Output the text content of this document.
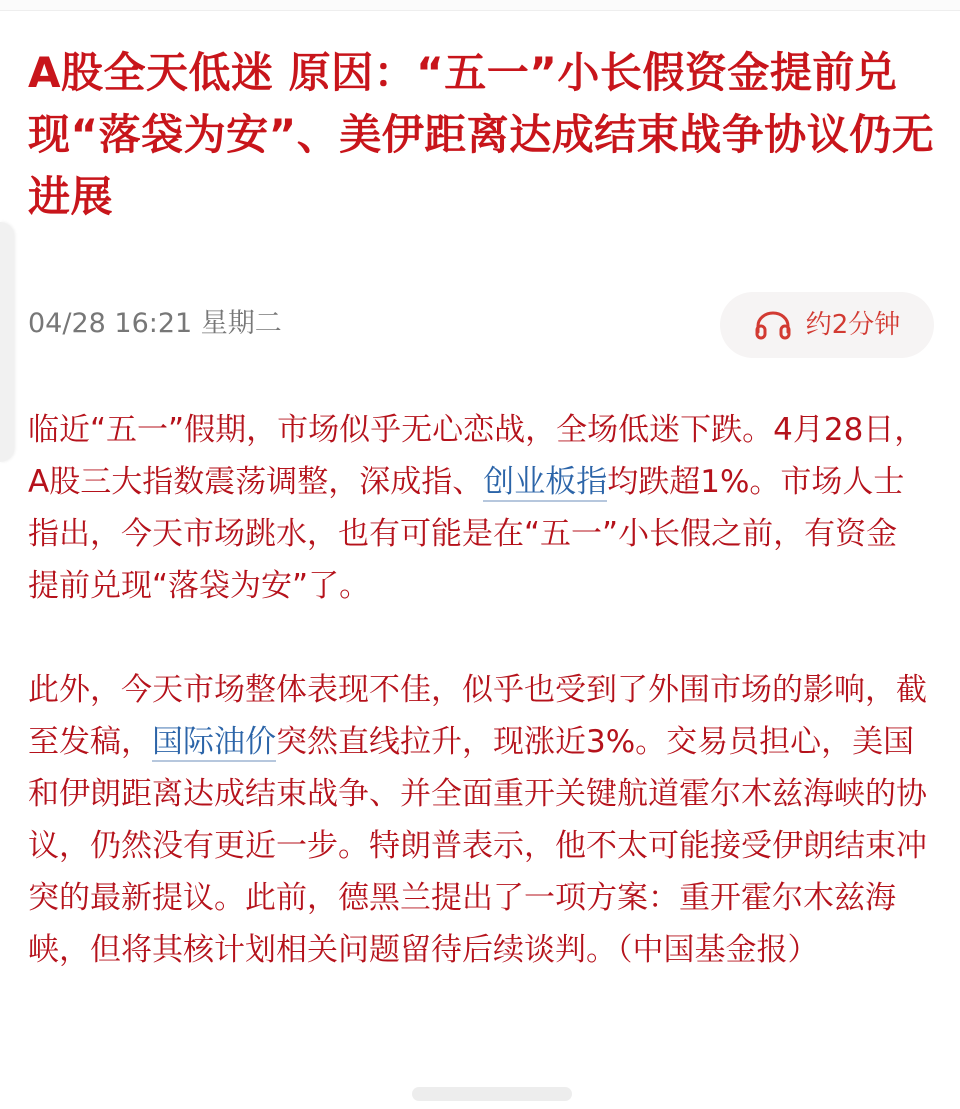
A股全天低迷 原因：“五一”小长假资金提前兑现“落袋为安”、美伊距离达成结束战争协议仍无进展
04/28 16:21 星期二	约2分钟

临近“五一”假期，市场似乎无心恋战，全场低迷下跌。4月28日，A股三大指数震荡调整，深成指、创业板指均跌超1%。市场人士指出，今天市场跳水，也有可能是在“五一”小长假之前，有资金提前兑现“落袋为安”了。

此外，今天市场整体表现不佳，似乎也受到了外围市场的影响，截至发稿，国际油价突然直线拉升，现涨近3%。交易员担心，美国和伊朗距离达成结束战争、并全面重开关键航道霍尔木兹海峡的协议，仍然没有更近一步。特朗普表示，他不太可能接受伊朗结束冲突的最新提议。此前，德黑兰提出了一项方案：重开霍尔木兹海峡，但将其核计划相关问题留待后续谈判。（中国基金报）
